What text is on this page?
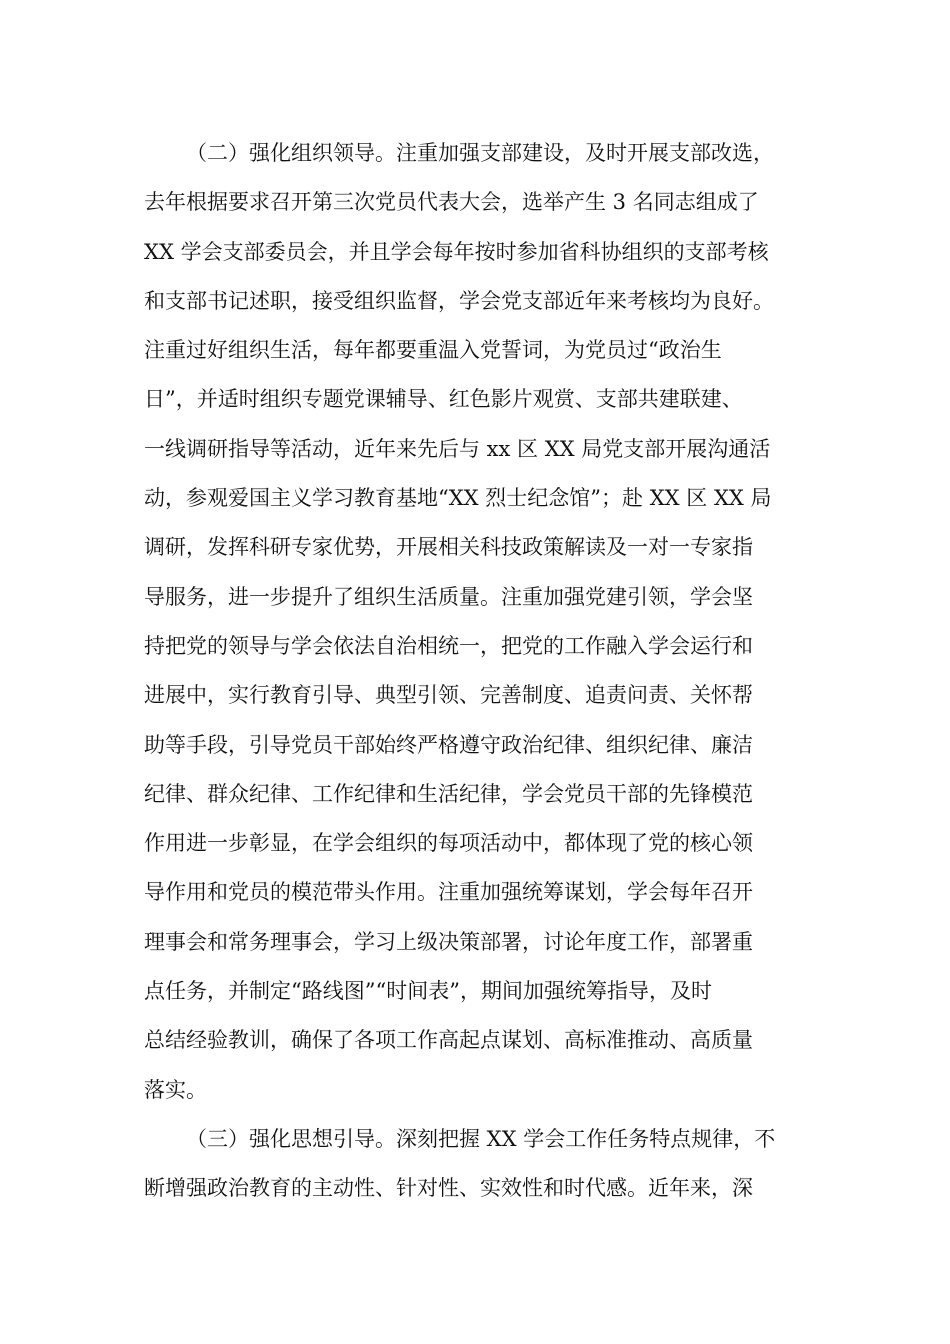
（二）强化组织领导。注重加强支部建设，及时开展支部改选，
去年根据要求召开第三次党员代表大会，选举产生 3 名同志组成了
XX 学会支部委员会，并且学会每年按时参加省科协组织的支部考核
和支部书记述职，接受组织监督，学会党支部近年来考核均为良好。
注重过好组织生活，每年都要重温入党誓词，为党员过“政治生
日”，并适时组织专题党课辅导、红色影片观赏、支部共建联建、
一线调研指导等活动，近年来先后与 xx 区 XX 局党支部开展沟通活
动，参观爱国主义学习教育基地“XX 烈士纪念馆”；赴 XX 区 XX 局
调研，发挥科研专家优势，开展相关科技政策解读及一对一专家指
导服务，进一步提升了组织生活质量。注重加强党建引领，学会坚
持把党的领导与学会依法自治相统一，把党的工作融入学会运行和
进展中，实行教育引导、典型引领、完善制度、追责问责、关怀帮
助等手段，引导党员干部始终严格遵守政治纪律、组织纪律、廉洁
纪律、群众纪律、工作纪律和生活纪律，学会党员干部的先锋模范
作用进一步彰显，在学会组织的每项活动中，都体现了党的核心领
导作用和党员的模范带头作用。注重加强统筹谋划，学会每年召开
理事会和常务理事会，学习上级决策部署，讨论年度工作，部署重
点任务，并制定“路线图”“时间表”，期间加强统筹指导，及时
总结经验教训，确保了各项工作高起点谋划、高标准推动、高质量
落实。
（三）强化思想引导。深刻把握 XX 学会工作任务特点规律，不
断增强政治教育的主动性、针对性、实效性和时代感。近年来，深
